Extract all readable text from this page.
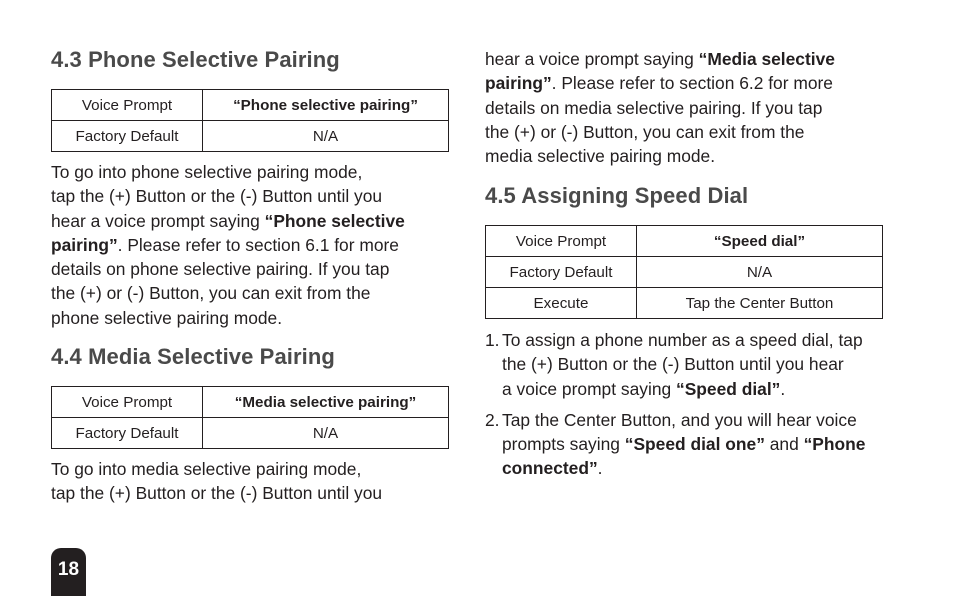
4.3 Phone Selective Pairing
Voice Prompt	“Phone selective pairing”
Factory Default	N/A

To go into phone selective pairing mode,
tap the (+) Button or the (-) Button until you
hear a voice prompt saying “Phone selective
pairing”. Please refer to section 6.1 for more
details on phone selective pairing. If you tap
the (+) or (-) Button, you can exit from the
phone selective pairing mode.

4.4 Media Selective Pairing
Voice Prompt	“Media selective pairing”
Factory Default	N/A

To go into media selective pairing mode,
tap the (+) Button or the (-) Button until you

hear a voice prompt saying “Media selective
pairing”. Please refer to section 6.2 for more
details on media selective pairing. If you tap
the (+) or (-) Button, you can exit from the
media selective pairing mode.

4.5 Assigning Speed Dial
Voice Prompt	“Speed dial”
Factory Default	N/A
Execute	Tap the Center Button
1. To assign a phone number as a speed dial, tap
the (+) Button or the (-) Button until you hear
a voice prompt saying “Speed dial”.
2. Tap the Center Button, and you will hear voice
prompts saying “Speed dial one” and “Phone
connected”.
18
